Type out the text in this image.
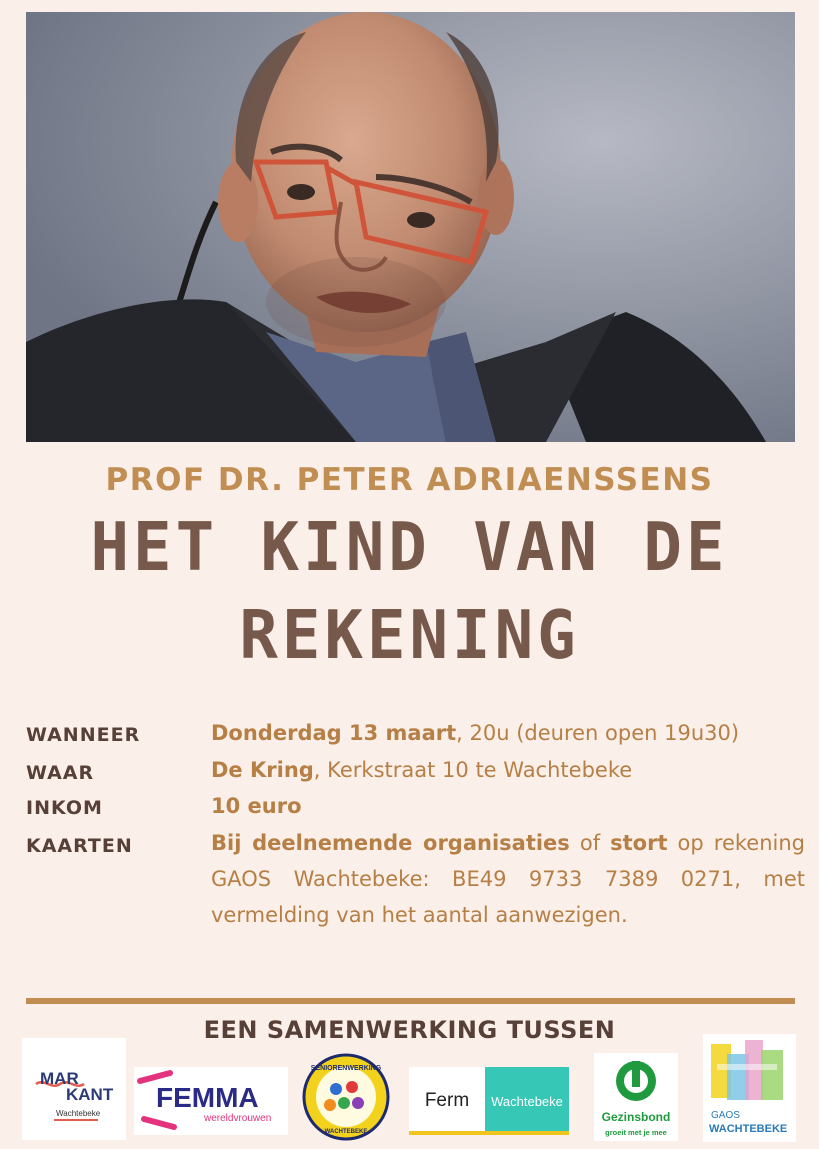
PROF DR. PETER ADRIAENSSENS
HET KIND VAN DE
REKENING
WANNEER	Donderdag 13 maart, 20u (deuren open 19u30)
WAAR	De Kring, Kerkstraat 10 te Wachtebeke
INKOM	10 euro
KAARTEN	Bij deelnemende organisaties of stort op rekening GAOS Wachtebeke: BE49 9733 7389 0271, met vermelding van het aantal aanwezigen.
EEN SAMENWERKING TUSSEN
MAR
KANT
Wachtebeke
FEMMA
wereldvrouwen
SENIORENWERKING
WACHTEBEKE
Ferm	Wachtebeke
Gezinsbond
groeit met je mee
GAOS
WACHTEBEKE
